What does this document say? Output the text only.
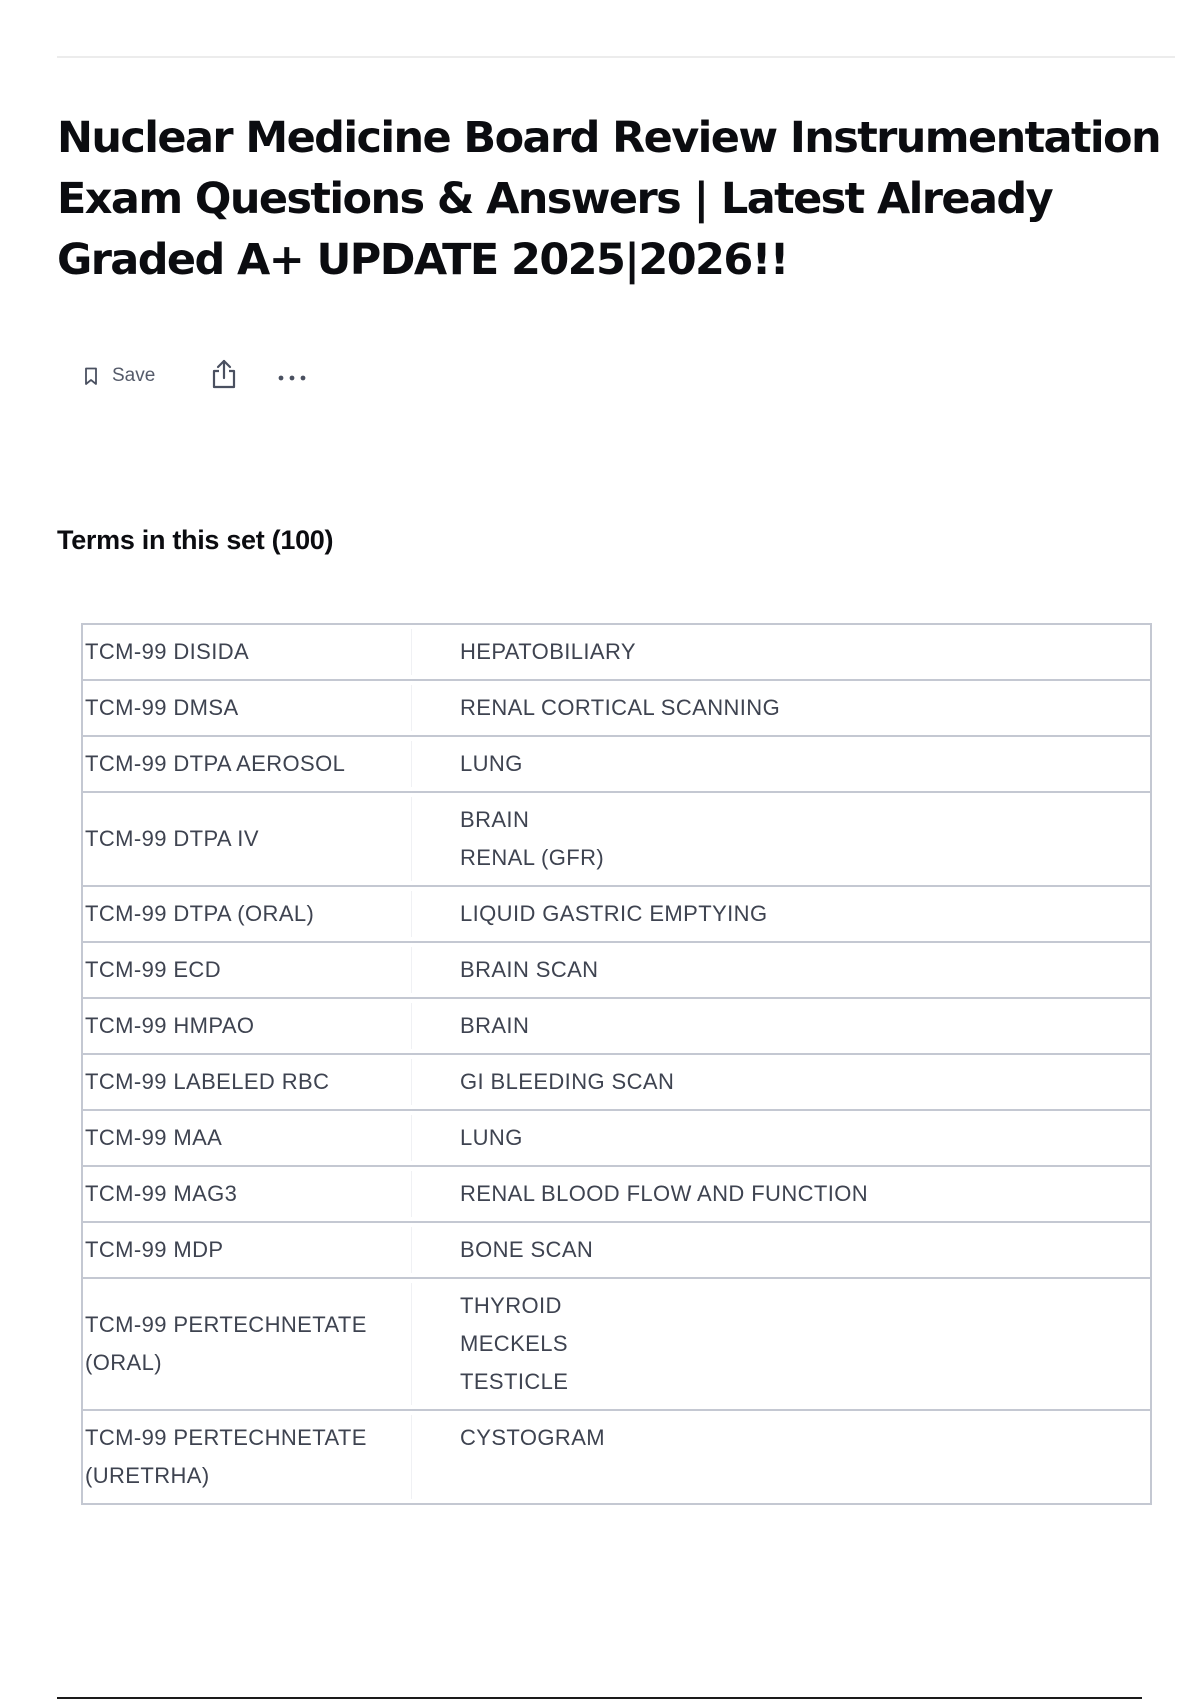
Nuclear Medicine Board Review Instrumentation Exam Questions & Answers | Latest Already Graded A+ UPDATE 2025|2026!!
Save
Terms in this set (100)
TCM-99 DISIDA	HEPATOBILIARY

TCM-99 DMSA	RENAL CORTICAL SCANNING

TCM-99 DTPA AEROSOL	LUNG

TCM-99 DTPA IV	BRAIN
RENAL (GFR)

TCM-99 DTPA (ORAL)	LIQUID GASTRIC EMPTYING

TCM-99 ECD	BRAIN SCAN

TCM-99 HMPAO	BRAIN

TCM-99 LABELED RBC	GI BLEEDING SCAN

TCM-99 MAA	LUNG

TCM-99 MAG3	RENAL BLOOD FLOW AND FUNCTION

TCM-99 MDP	BONE SCAN

TCM-99 PERTECHNETATE (ORAL)	THYROID
MECKELS
TESTICLE

TCM-99 PERTECHNETATE (URETRHA)	CYSTOGRAM
